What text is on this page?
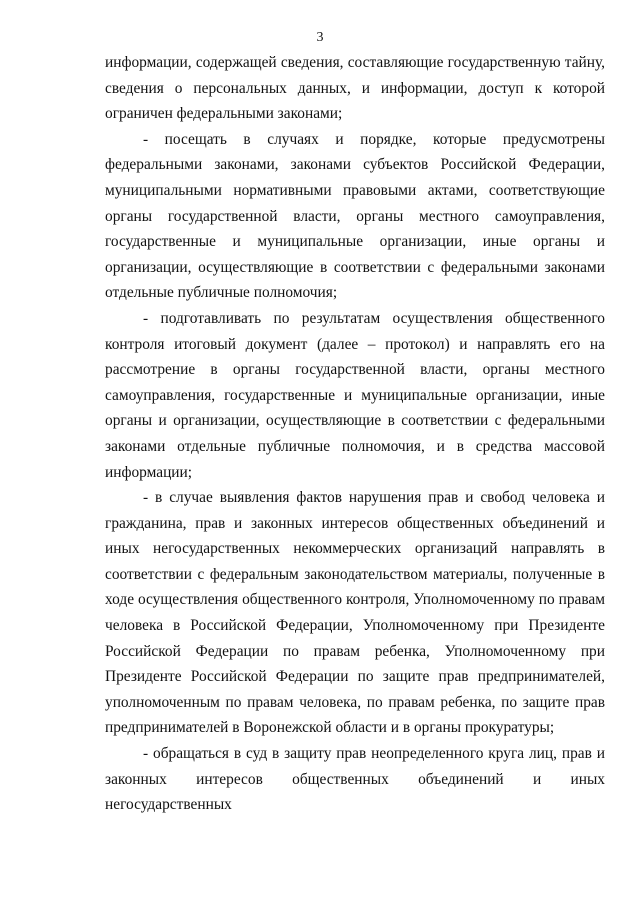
3

информации, содержащей сведения, составляющие государственную тайну, сведения о персональных данных, и информации, доступ к которой ограничен федеральными законами;

- посещать в случаях и порядке, которые предусмотрены федеральными законами, законами субъектов Российской Федерации, муниципальными нормативными правовыми актами, соответствующие органы государственной власти, органы местного самоуправления, государственные и муниципальные организации, иные органы и организации, осуществляющие в соответствии с федеральными законами отдельные публичные полномочия;

- подготавливать по результатам осуществления общественного контроля итоговый документ (далее – протокол) и направлять его на рассмотрение в органы государственной власти, органы местного самоуправления, государственные и муниципальные организации, иные органы и организации, осуществляющие в соответствии с федеральными законами отдельные публичные полномочия, и в средства массовой информации;

- в случае выявления фактов нарушения прав и свобод человека и гражданина, прав и законных интересов общественных объединений и иных негосударственных некоммерческих организаций направлять в соответствии с федеральным законодательством материалы, полученные в ходе осуществления общественного контроля, Уполномоченному по правам человека в Российской Федерации, Уполномоченному при Президенте Российской Федерации по правам ребенка, Уполномоченному при Президенте Российской Федерации по защите прав предпринимателей, уполномоченным по правам человека, по правам ребенка, по защите прав предпринимателей в Воронежской области и в органы прокуратуры;

- обращаться в суд в защиту прав неопределенного круга лиц, прав и законных интересов общественных объединений и иных негосударственных
